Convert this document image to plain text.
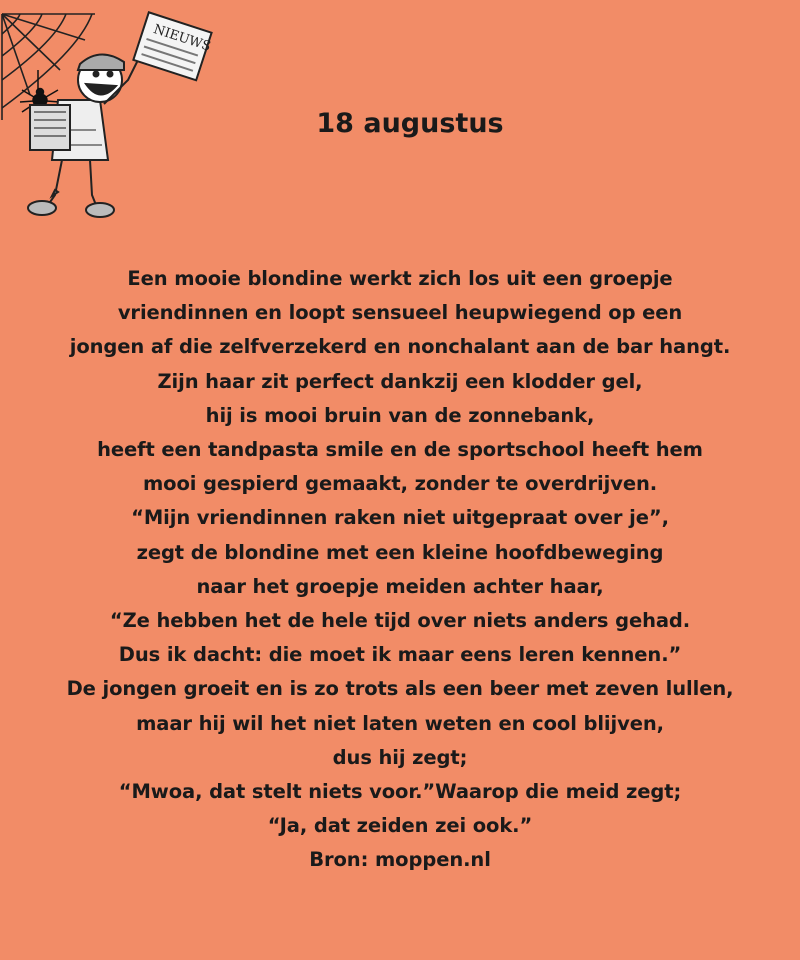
NIEUWS
18 augustus
Een mooie blondine werkt zich los uit een groepje
vriendinnen en loopt sensueel heupwiegend op een
jongen af die zelfverzekerd en nonchalant aan de bar hangt.
Zijn haar zit perfect dankzij een klodder gel,
hij is mooi bruin van de zonnebank,
heeft een tandpasta smile en de sportschool heeft hem
mooi gespierd gemaakt, zonder te overdrijven.
“Mijn vriendinnen raken niet uitgepraat over je”,
zegt de blondine met een kleine hoofdbeweging
naar het groepje meiden achter haar,
“Ze hebben het de hele tijd over niets anders gehad.
Dus ik dacht: die moet ik maar eens leren kennen.”
De jongen groeit en is zo trots als een beer met zeven lullen,
maar hij wil het niet laten weten en cool blijven,
dus hij zegt;
“Mwoa, dat stelt niets voor.”Waarop die meid zegt;
“Ja, dat zeiden zei ook.”
Bron: moppen.nl
